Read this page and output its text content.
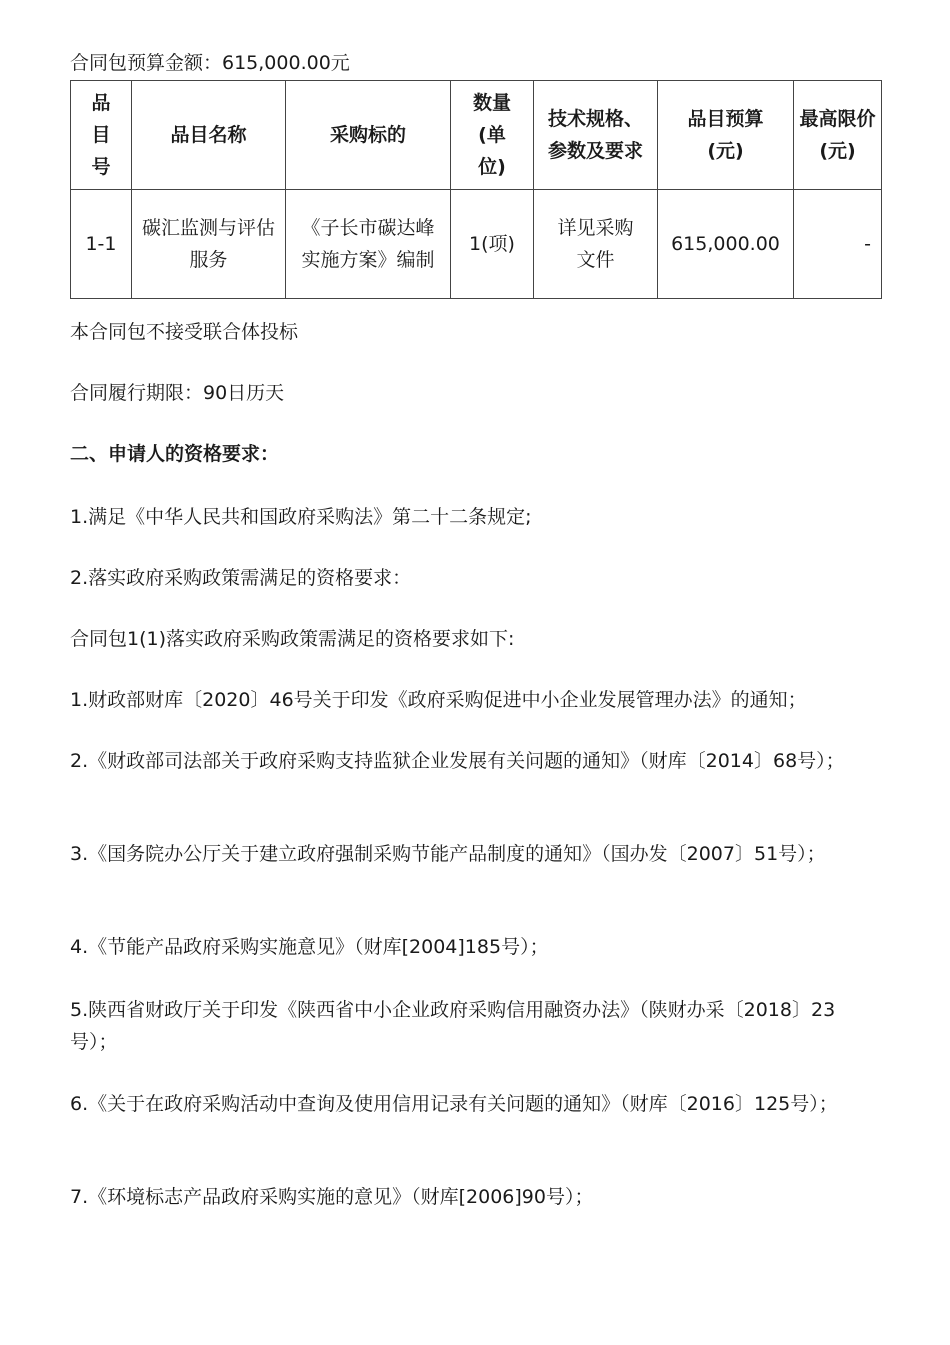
合同包预算金额：615,000.00元
品目号	品目名称	采购标的	数量(单位)	技术规格、参数及要求	品目预算(元)	最高限价(元)
1-1	碳汇监测与评估服务	《子长市碳达峰实施方案》编制	1(项)	详见采购文件	615,000.00	-
本合同包不接受联合体投标
合同履行期限：90日历天
二、申请人的资格要求：
1.满足《中华人民共和国政府采购法》第二十二条规定;
2.落实政府采购政策需满足的资格要求：
合同包1(1)落实政府采购政策需满足的资格要求如下:
1.财政部财库〔2020〕46号关于印发《政府采购促进中小企业发展管理办法》的通知；
2.《财政部司法部关于政府采购支持监狱企业发展有关问题的通知》（财库〔2014〕68号）；
3.《国务院办公厅关于建立政府强制采购节能产品制度的通知》（国办发〔2007〕51号）；
4.《节能产品政府采购实施意见》（财库[2004]185号）；
5.陕西省财政厅关于印发《陕西省中小企业政府采购信用融资办法》（陕财办采〔2018〕23号）；
6.《关于在政府采购活动中查询及使用信用记录有关问题的通知》（财库〔2016〕125号）；
7.《环境标志产品政府采购实施的意见》（财库[2006]90号）；
